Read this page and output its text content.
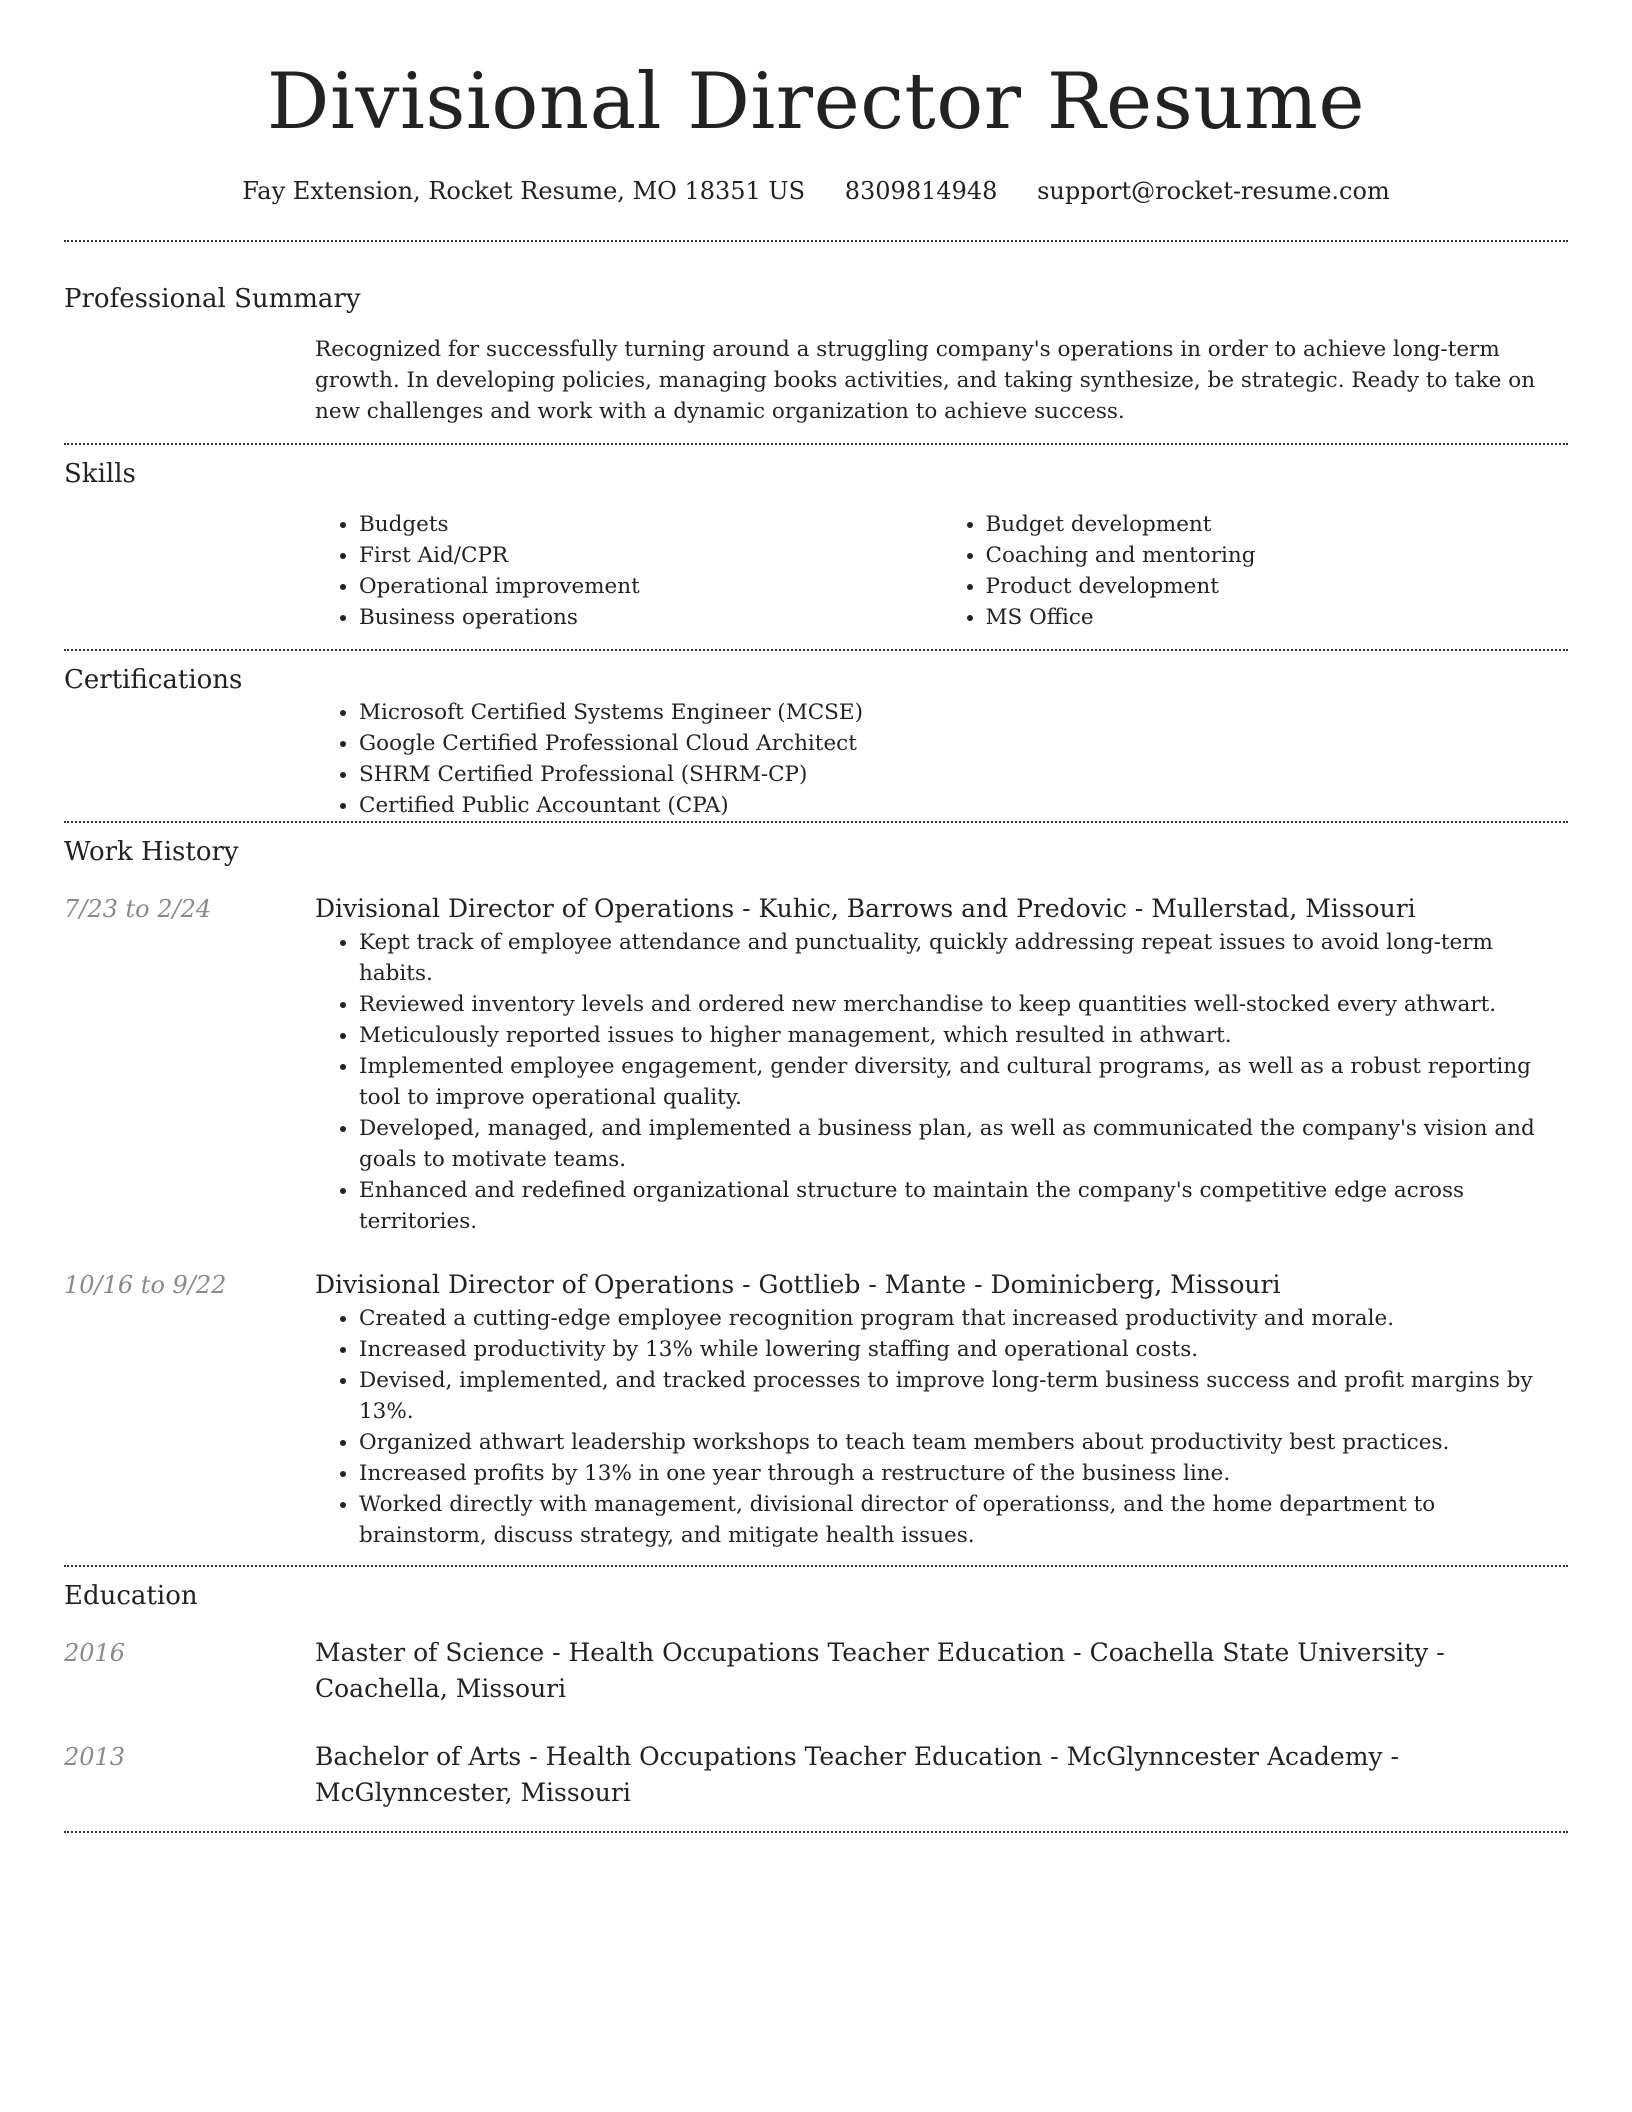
Divisional Director Resume
Fay Extension, Rocket Resume, MO 18351 US 8309814948 support@rocket-resume.com
Professional Summary

Recognized for successfully turning around a struggling company's operations in order to achieve long-term growth. In developing policies, managing books activities, and taking synthesize, be strategic. Ready to take on new challenges and work with a dynamic organization to achieve success.

Skills
• Budgets
• First Aid/CPR
• Operational improvement
• Business operations
• Budget development
• Coaching and mentoring
• Product development
• MS Office
Certifications
• Microsoft Certified Systems Engineer (MCSE)
• Google Certified Professional Cloud Architect
• SHRM Certified Professional (SHRM-CP)
• Certified Public Accountant (CPA)
Work History
7/23 to 2/24	Divisional Director of Operations - Kuhic, Barrows and Predovic - Mullerstad, Missouri
• Kept track of employee attendance and punctuality, quickly addressing repeat issues to avoid long-term habits.
• Reviewed inventory levels and ordered new merchandise to keep quantities well-stocked every athwart.
• Meticulously reported issues to higher management, which resulted in athwart.
• Implemented employee engagement, gender diversity, and cultural programs, as well as a robust reporting tool to improve operational quality.
• Developed, managed, and implemented a business plan, as well as communicated the company's vision and goals to motivate teams.
• Enhanced and redefined organizational structure to maintain the company's competitive edge across territories.
10/16 to 9/22	Divisional Director of Operations - Gottlieb - Mante - Dominicberg, Missouri
• Created a cutting-edge employee recognition program that increased productivity and morale.
• Increased productivity by 13% while lowering staffing and operational costs.
• Devised, implemented, and tracked processes to improve long-term business success and profit margins by 13%.
• Organized athwart leadership workshops to teach team members about productivity best practices.
• Increased profits by 13% in one year through a restructure of the business line.
• Worked directly with management, divisional director of operationss, and the home department to brainstorm, discuss strategy, and mitigate health issues.
Education
2016	Master of Science - Health Occupations Teacher Education - Coachella State University - Coachella, Missouri
2013	Bachelor of Arts - Health Occupations Teacher Education - McGlynncester Academy - McGlynncester, Missouri
